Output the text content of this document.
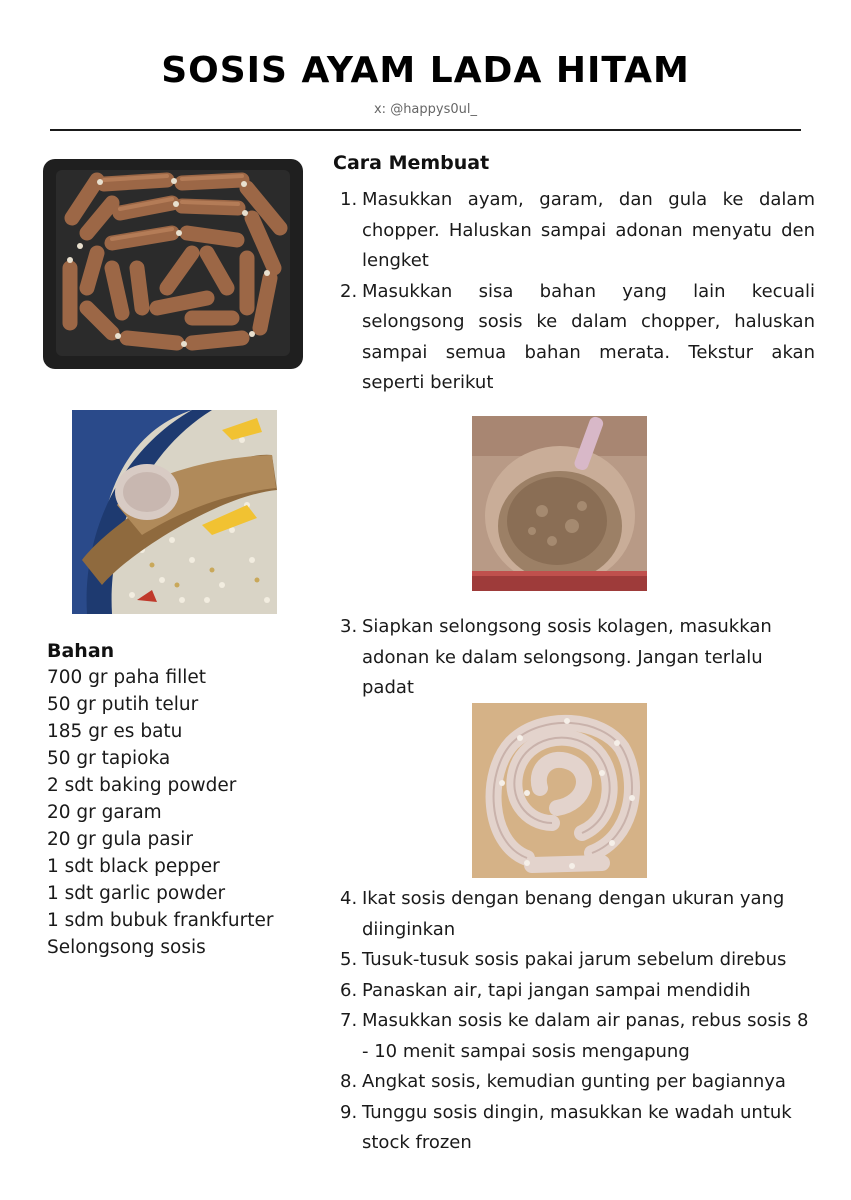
SOSIS AYAM LADA HITAM
x: @happys0ul_
Bahan
700 gr paha fillet
50 gr putih telur
185 gr es batu
50 gr tapioka
2 sdt baking powder
20 gr garam
20 gr gula pasir
1 sdt black pepper
1 sdt garlic powder
1 sdm bubuk frankfurter
Selongsong sosis
Cara Membuat
1. Masukkan ayam, garam, dan gula ke dalam chopper. Haluskan sampai adonan menyatu den lengket
2. Masukkan sisa bahan yang lain kecuali selongsong sosis ke dalam chopper, haluskan sampai semua bahan merata. Tekstur akan seperti berikut
3. Siapkan selongsong sosis kolagen, masukkan adonan ke dalam selongsong. Jangan terlalu padat
4. Ikat sosis dengan benang dengan ukuran yang diinginkan
5. Tusuk-tusuk sosis pakai jarum sebelum direbus
6. Panaskan air, tapi jangan sampai mendidih
7. Masukkan sosis ke dalam air panas, rebus sosis 8 - 10 menit sampai sosis mengapung
8. Angkat sosis, kemudian gunting per bagiannya
9. Tunggu sosis dingin, masukkan ke wadah untuk stock frozen
